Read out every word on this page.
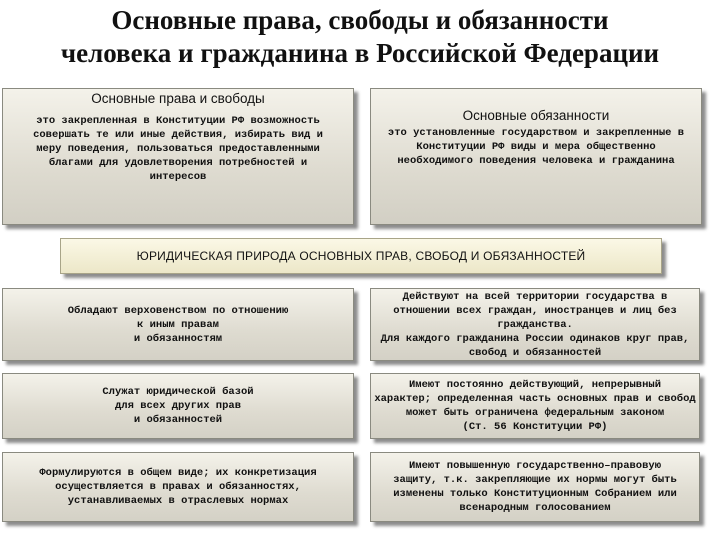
Основные права, свободы и обязанности
человека и гражданина в Российской Федерации
Основные права и свободы
это закрепленная в Конституции РФ возможность
совершать те или иные действия, избирать вид и
меру поведения, пользоваться предоставленными
благами для удовлетворения потребностей и
интересов
Основные обязанности
это установленные государством и закрепленные в
Конституции РФ виды и мера общественно
необходимого поведения человека и гражданина
ЮРИДИЧЕСКАЯ ПРИРОДА ОСНОВНЫХ ПРАВ, СВОБОД И ОБЯЗАННОСТЕЙ
Обладают верховенством по отношению
к иным правам
и обязанностям
Служат юридической базой
для всех других прав
и обязанностей
Формулируются в общем виде; их конкретизация
осуществляется в правах и обязанностях,
устанавливаемых в отраслевых нормах
Действуют на всей территории государства в
отношении всех граждан, иностранцев и лиц без
гражданства.
Для каждого гражданина России одинаков круг прав,
свобод и обязанностей
Имеют постоянно действующий, непрерывный
характер; определенная часть основных прав и свобод
может быть ограничена федеральным законом
(Ст. 56 Конституции РФ)
Имеют повышенную государственно–правовую
защиту, т.к. закрепляющие их нормы могут быть
изменены только Конституционным Собранием или
всенародным голосованием
